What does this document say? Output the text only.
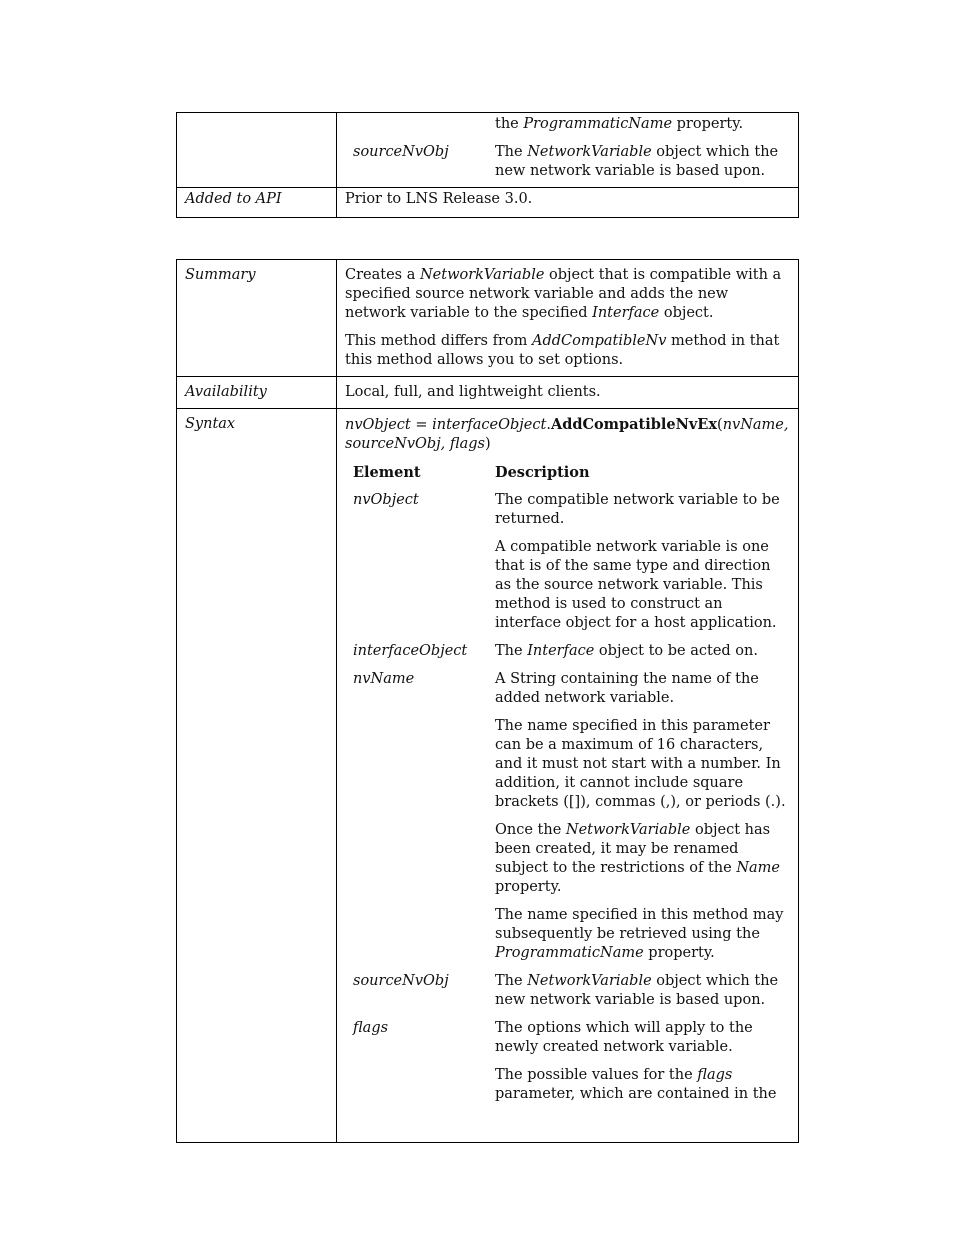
the ProgrammaticName property.
sourceNvObj	The NetworkVariable object which the new network variable is based upon.
Added to API	Prior to LNS Release 3.0.
Summary	Creates a NetworkVariable object that is compatible with a specified source network variable and adds the new network variable to the specified Interface object.

This method differs from AddCompatibleNv method in that this method allows you to set options.

Availability	Local, full, and lightweight clients.
Syntax	nvObject = interfaceObject.AddCompatibleNvEx(nvName, sourceNvObj, flags)

Element	Description
nvObject	The compatible network variable to be returned.

A compatible network variable is one that is of the same type and direction as the source network variable. This method is used to construct an interface object for a host application.

interfaceObject	The Interface object to be acted on.
nvName	A String containing the name of the added network variable.

The name specified in this parameter can be a maximum of 16 characters, and it must not start with a number. In addition, it cannot include square brackets ([]), commas (,), or periods (.).

Once the NetworkVariable object has been created, it may be renamed subject to the restrictions of the Name property.

The name specified in this method may subsequently be retrieved using the ProgrammaticName property.

sourceNvObj	The NetworkVariable object which the new network variable is based upon.
flags	The options which will apply to the newly created network variable.

The possible values for the flags parameter, which are contained in the
